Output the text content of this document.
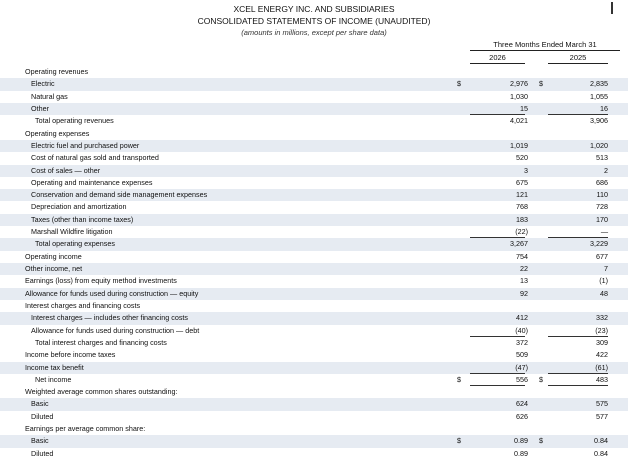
XCEL ENERGY INC. AND SUBSIDIARIES
CONSOLIDATED STATEMENTS OF INCOME (UNAUDITED)
(amounts in millions, except per share data)
Three Months Ended March 31
2026	2025
Operating revenues
Electric	$	2,976 $	2,835
Natural gas	1,030	1,055
Other	15	16
Total operating revenues	4,021	3,906
Operating expenses
Electric fuel and purchased power	1,019	1,020
Cost of natural gas sold and transported	520	513
Cost of sales — other	3	2
Operating and maintenance expenses	675	686
Conservation and demand side management expenses	121	110
Depreciation and amortization	768	728
Taxes (other than income taxes)	183	170
Marshall Wildfire litigation	(22)	—
Total operating expenses	3,267	3,229
Operating income	754	677
Other income, net	22	7
Earnings (loss) from equity method investments	13	(1)
Allowance for funds used during construction — equity	92	48
Interest charges and financing costs
Interest charges — includes other financing costs	412	332
Allowance for funds used during construction — debt	(40)	(23)
Total interest charges and financing costs	372	309
Income before income taxes	509	422
Income tax benefit	(47)	(61)
Net income	$	556 $	483
Weighted average common shares outstanding:
Basic	624	575
Diluted	626	577
Earnings per average common share:
Basic	$	0.89 $	0.84
Diluted	0.89	0.84
